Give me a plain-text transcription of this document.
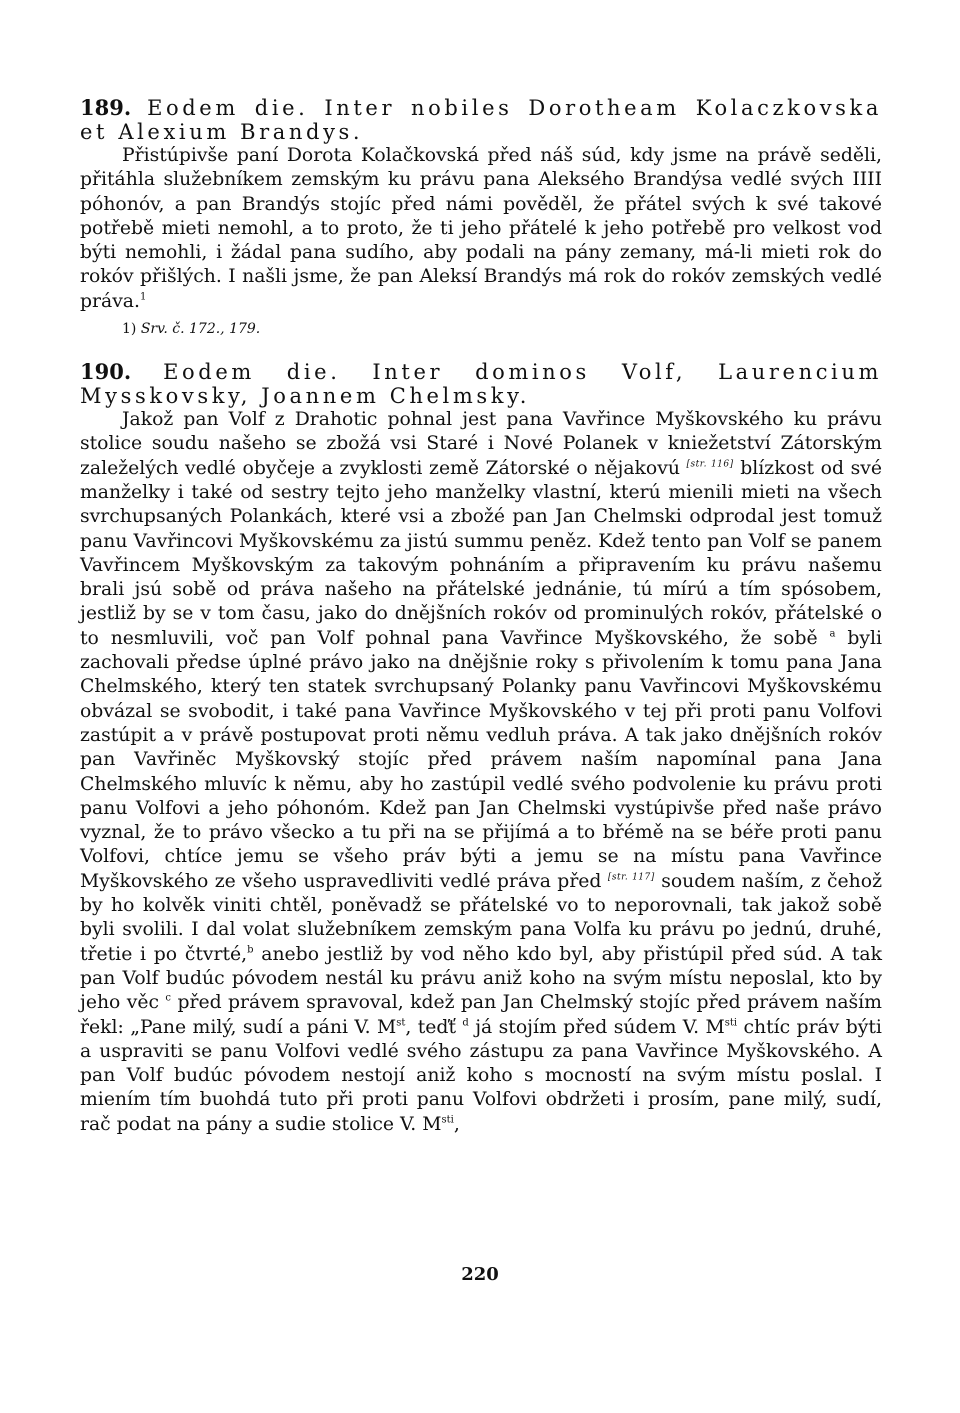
189. Eodem die. Inter nobiles Dorotheam Kolaczkovska et Alexium Brandys.

Přistúpivše paní Dorota Kolačkovská před náš súd, kdy jsme na právě seděli, přitáhla služebníkem zemským ku právu pana Alekséhο Brandýsa vedlé svých IIII póhonóv, a pan Brandýs stojíc před námi pověděl, že přátel svých k své takové potřebě mieti nemohl, a to proto, že ti jeho přátelé k jeho potřebě pro velkost vod býti nemohli, i žádal pana sudího, aby podali na pány zemany, má-li mieti rok do rokóv přišlých. I našli jsme, že pan Aleksí Brandýs má rok do rokóv zemských vedlé práva.$^1$

1) Srv. č. 172., 179.

190. Eodem die. Inter dominos Volf, Laurencium Mysskovsky, Joannem Chelmsky.

Jakož pan Volf z Drahotic pohnal jest pana Vavřince Myškovského ku právu stolice soudu našeho se zbožá vsi Staré i Nové Polanek v kniežetství Zátorským zaleželých vedlé obyčeje a zvyklosti země Zátorské o nějakovú [str. 116] blízkost od své manželky i také od sestry tejto jeho manželky vlastní, kterú mienili mieti na všech svrchupsaných Polankách, které vsi a zbožé pan Jan Chelmski odprodal jest tomuž panu Vavřincovi Myškovskému za jistú summu peněz. Kdež tento pan Volf se panem Vavřincem Myškovským za takovým pohnáním a připravením ku právu našemu brali jsú sobě od práva našeho na přátelské jednánie, tú mírú a tím spósobem, jestliž by se v tom času, jako do dnějšních rokóv od prominulých rokóv, přátelské o to nesmluvili, voč pan Volf pohnal pana Vavřince Myškovského, že sobě $^a$ byli zachovali předse úplné právo jako na dnějšnie roky s přivolením k tomu pana Jana Chelmského, který ten statek svrchupsaný Polanky panu Vavřincovi Myškovskému obvázal se svobodit, i také pana Vavřince Myškovského v tej při proti panu Volfovi zastúpit a v právě postupovat proti němu vedluh práva. A tak jako dnějšních rokóv pan Vavřiněc Myškovský stojíc před právem naším napomínal pana Jana Chelmského mluvíc k němu, aby ho zastúpil vedlé svého podvolenie ku právu proti panu Volfovi a jeho póhonóm. Kdež pan Jan Chelmski vystúpivše před naše právo vyznal, že to právo všecko a tu při na se přijímá a to břémě na se béře proti panu Volfovi, chtíce jemu se všeho práv býti a jemu se na místu pana Vavřince Myškovského ze všeho uspravedliviti vedlé práva před [str. 117] soudem naším, z čehož by ho kolvěk viniti chtěl, poněvadž se přátelské vo to neporovnali, tak jakož sobě byli svolili. I dal volat služebníkem zemským pana Volfa ku právu po jednú, druhé, třetie i po čtvrté,$^b$ anebo jestliž by vod něho kdo byl, aby přistúpil před súd. A tak pan Volf budúc póvodem nestál ku právu aniž koho na svým místu neposlal, kto by jeho věc $^c$ před právem spravoval, kdež pan Jan Chelmský stojíc před právem naším řekl: „Pane milý, sudí a páni V. Mst, teďť $^d$ já stojím před súdem V. $M^{sti}$ chtíc práv býti a uspraviti se panu Volfovi vedlé svého zástupu za pana Vavřince Myškovského. A pan Volf budúc póvodem nestojí aniž koho s mocností na svým místu poslal. I miením tím buohdá tuto při proti panu Volfovi obdržeti i prosím, pane milý, sudí, rač podat na pány a sudie stolice V. $M^{sti}$,

220
